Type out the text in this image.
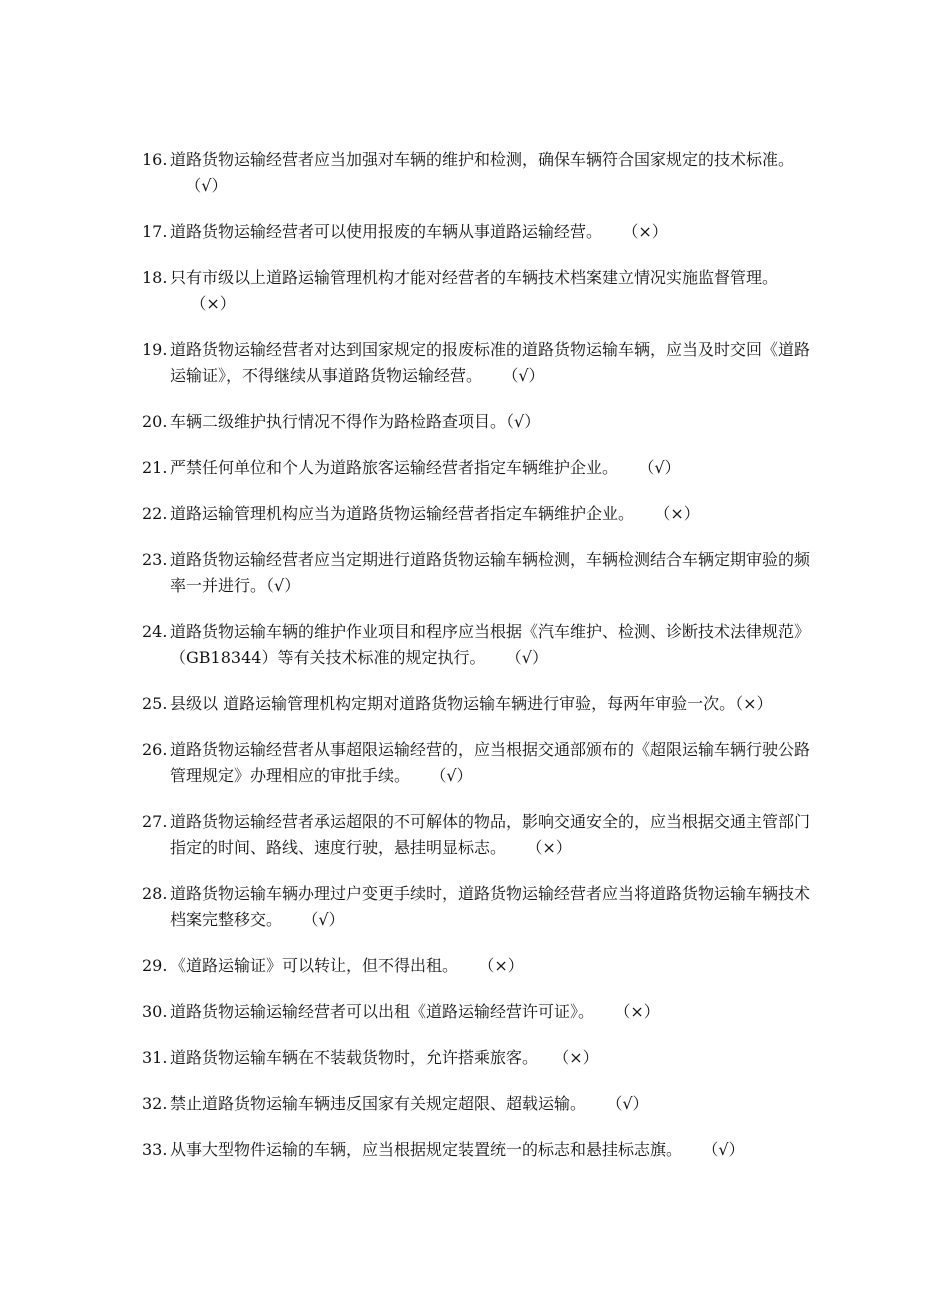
16. 道路货物运输经营者应当加强对车辆的维护和检测，确保车辆符合国家规定的技术标准。   （√）
17. 道路货物运输经营者可以使用报废的车辆从事道路运输经营。    （×）
18. 只有市级以上道路运输管理机构才能对经营者的车辆技术档案建立情况实施监督管理。    （×）
19. 道路货物运输经营者对达到国家规定的报废标准的道路货物运输车辆，应当及时交回《道路运输证》，不得继续从事道路货物运输经营。    （√）
20. 车辆二级维护执行情况不得作为路检路查项目。（√）
21. 严禁任何单位和个人为道路旅客运输经营者指定车辆维护企业。    （√）
22. 道路运输管理机构应当为道路货物运输经营者指定车辆维护企业。    （×）
23. 道路货物运输经营者应当定期进行道路货物运输车辆检测，车辆检测结合车辆定期审验的频率一并进行。（√）
24. 道路货物运输车辆的维护作业项目和程序应当根据《汽车维护、检测、诊断技术法律规范》（GB18344）等有关技术标准的规定执行。    （√）
25. 县级以 道路运输管理机构定期对道路货物运输车辆进行审验，每两年审验一次。（×）
26. 道路货物运输经营者从事超限运输经营的，应当根据交通部颁布的《超限运输车辆行驶公路管理规定》办理相应的审批手续。    （√）
27. 道路货物运输经营者承运超限的不可解体的物品，影响交通安全的，应当根据交通主管部门指定的时间、路线、速度行驶，悬挂明显标志。    （×）
28. 道路货物运输车辆办理过户变更手续时，道路货物运输经营者应当将道路货物运输车辆技术档案完整移交。    （√）
29. 《道路运输证》可以转让，但不得出租。    （×）
30. 道路货物运输运输经营者可以出租《道路运输经营许可证》。    （×）
31. 道路货物运输车辆在不装载货物时，允许搭乘旅客。   （×）
32. 禁止道路货物运输车辆违反国家有关规定超限、超载运输。    （√）
33. 从事大型物件运输的车辆，应当根据规定装置统一的标志和悬挂标志旗。    （√）
